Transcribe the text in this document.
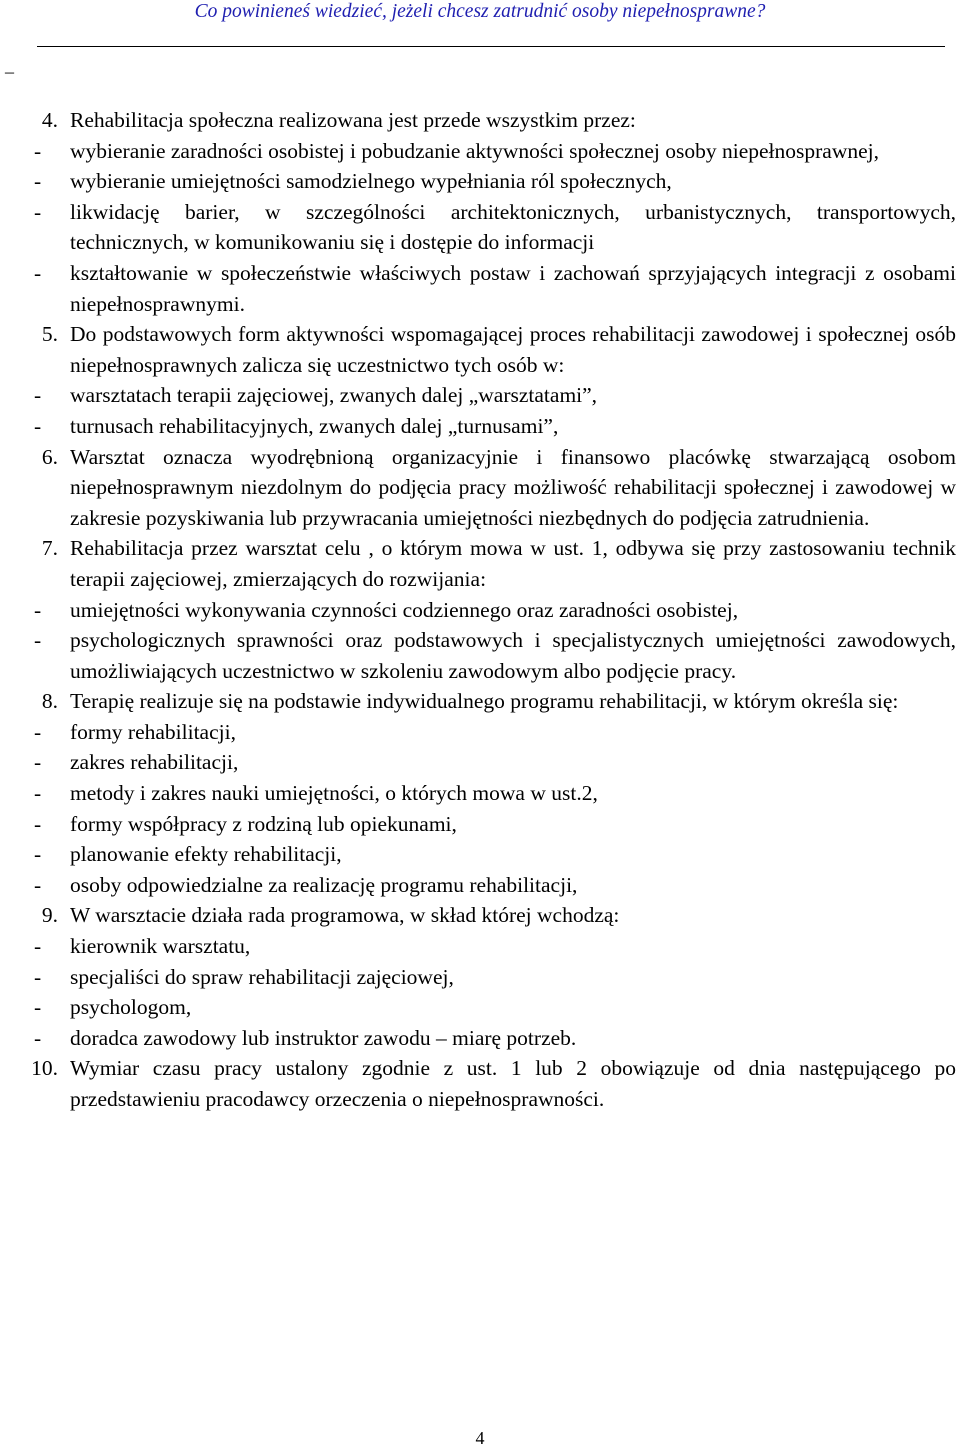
Co powinieneś wiedzieć, jeżeli chcesz zatrudnić osoby niepełnosprawne?
_
4. Rehabilitacja społeczna realizowana jest przede wszystkim przez:
-	wybieranie zaradności osobistej i pobudzanie aktywności społecznej osoby niepełnosprawnej,
-	wybieranie umiejętności samodzielnego wypełniania ról społecznych,
-	likwidację barier, w szczególności architektonicznych, urbanistycznych, transportowych, technicznych, w komunikowaniu się i dostępie do informacji
-	kształtowanie w społeczeństwie właściwych postaw i zachowań sprzyjających integracji z osobami niepełnosprawnymi.
5. Do podstawowych form aktywności wspomagającej proces rehabilitacji zawodowej i społecznej osób niepełnosprawnych zalicza się uczestnictwo tych osób w:
-	warsztatach terapii zajęciowej, zwanych dalej „warsztatami”,
-	turnusach rehabilitacyjnych, zwanych dalej „turnusami”,
6. Warsztat oznacza wyodrębnioną organizacyjnie i finansowo placówkę stwarzającą osobom niepełnosprawnym niezdolnym do podjęcia pracy możliwość rehabilitacji społecznej i zawodowej w zakresie pozyskiwania lub przywracania umiejętności niezbędnych do podjęcia zatrudnienia.
7. Rehabilitacja przez warsztat celu , o którym mowa w ust. 1, odbywa się przy zastosowaniu technik terapii zajęciowej, zmierzających do rozwijania:
-	umiejętności wykonywania czynności codziennego oraz zaradności osobistej,
-	psychologicznych sprawności oraz podstawowych i specjalistycznych umiejętności zawodowych, umożliwiających uczestnictwo w szkoleniu zawodowym albo podjęcie pracy.
8. Terapię realizuje się na podstawie indywidualnego programu rehabilitacji, w którym określa się:
-	formy rehabilitacji,
-	zakres rehabilitacji,
-	metody i zakres nauki umiejętności, o których mowa w ust.2,
-	formy współpracy z rodziną lub opiekunami,
-	planowanie efekty rehabilitacji,
-	osoby odpowiedzialne za realizację programu rehabilitacji,
9. W warsztacie działa rada programowa, w skład której wchodzą:
-	kierownik warsztatu,
-	specjaliści do spraw rehabilitacji zajęciowej,
-	psychologom,
-	doradca zawodowy lub instruktor zawodu – miarę potrzeb.
10. Wymiar czasu pracy ustalony zgodnie z ust. 1 lub 2 obowiązuje od dnia następującego po przedstawieniu pracodawcy orzeczenia o niepełnosprawności.
4
